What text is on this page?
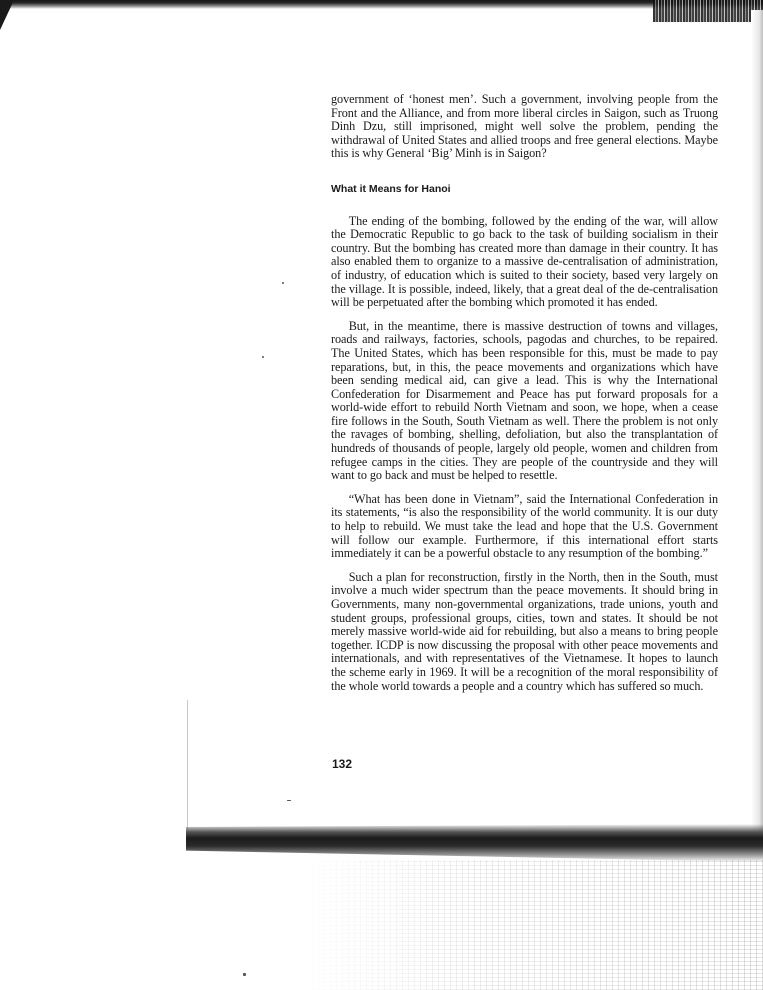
government of ‘honest men’. Such a government, involving people from the Front and the Alliance, and from more liberal circles in Saigon, such as Truong Dinh Dzu, still imprisoned, might well solve the problem, pending the withdrawal of United States and allied troops and free general elections. Maybe this is why General ‘Big’ Minh is in Saigon?

What it Means for Hanoi

The ending of the bombing, followed by the ending of the war, will allow the Democratic Republic to go back to the task of building socialism in their country. But the bombing has created more than damage in their country. It has also enabled them to organize to a massive de-centralisation of administration, of industry, of education which is suited to their society, based very largely on the village. It is possible, indeed, likely, that a great deal of the de-centralisation will be perpetuated after the bombing which promoted it has ended.

But, in the meantime, there is massive destruction of towns and villages, roads and railways, factories, schools, pagodas and churches, to be repaired. The United States, which has been responsible for this, must be made to pay reparations, but, in this, the peace movements and organizations which have been sending medical aid, can give a lead. This is why the International Confederation for Disarmement and Peace has put forward proposals for a world-wide effort to rebuild North Vietnam and soon, we hope, when a cease fire follows in the South, South Vietnam as well. There the problem is not only the ravages of bombing, shelling, defoliation, but also the transplantation of hundreds of thousands of people, largely old people, women and children from refugee camps in the cities. They are people of the countryside and they will want to go back and must be helped to resettle.

“What has been done in Vietnam”, said the International Confederation in its statements, “is also the responsibility of the world community. It is our duty to help to rebuild. We must take the lead and hope that the U.S. Government will follow our example. Furthermore, if this international effort starts immediately it can be a powerful obstacle to any resumption of the bombing.”

Such a plan for reconstruction, firstly in the North, then in the South, must involve a much wider spectrum than the peace movements. It should bring in Governments, many non-governmental organizations, trade unions, youth and student groups, professional groups, cities, town and states. It should be not merely massive world-wide aid for rebuilding, but also a means to bring people together. ICDP is now discussing the proposal with other peace movements and internationals, and with representatives of the Vietnamese. It hopes to launch the scheme early in 1969. It will be a recognition of the moral responsibility of the whole world towards a people and a country which has suffered so much.

132
